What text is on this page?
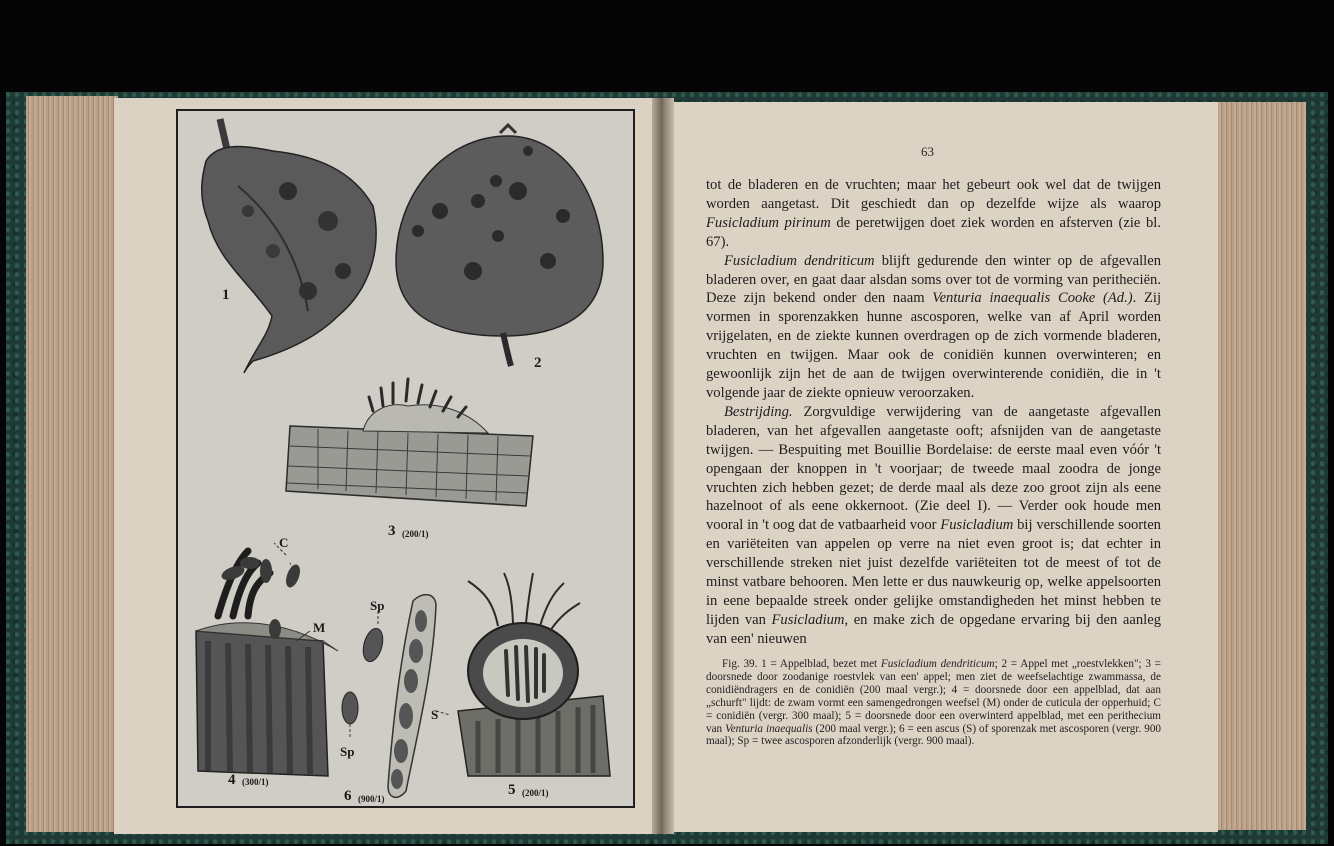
1
2
3 (200/1)
4 (300/1)	5 (200/1)
6 (900/1)
C
M
Sp
Sp
S
63

tot de bladeren en de vruchten; maar het gebeurt ook wel dat de twijgen worden aangetast. Dit geschiedt dan op dezelfde wijze als waarop Fusicladium pirinum de peretwijgen doet ziek worden en afsterven (zie bl. 67).

Fusicladium dendriticum blijft gedurende den winter op de afgevallen bladeren over, en gaat daar alsdan soms over tot de vorming van peritheciën. Deze zijn bekend onder den naam Venturia inaequalis Cooke (Ad.). Zij vormen in sporenzakken hunne ascosporen, welke van af April worden vrijgelaten, en de ziekte kunnen overdragen op de zich vormende bladeren, vruchten en twijgen. Maar ook de conidiën kunnen overwinteren; en gewoonlijk zijn het de aan de twijgen overwinterende conidiën, die in 't volgende jaar de ziekte opnieuw veroorzaken.

Bestrijding. Zorgvuldige verwijdering van de aangetaste afgevallen bladeren, van het afgevallen aangetaste ooft; afsnijden van de aangetaste twijgen. — Bespuiting met Bouillie Bordelaise: de eerste maal even vóór 't opengaan der knoppen in 't voorjaar; de tweede maal zoodra de jonge vruchten zich hebben gezet; de derde maal als deze zoo groot zijn als eene hazelnoot of als eene okkernoot. (Zie deel I). — Verder ook houde men vooral in 't oog dat de vatbaarheid voor Fusicladium bij verschillende soorten en variëteiten van appelen op verre na niet even groot is; dat echter in verschillende streken niet juist dezelfde variëteiten tot de meest of tot de minst vatbare behooren. Men lette er dus nauwkeurig op, welke appelsoorten in eene bepaalde streek onder gelijke omstandigheden het minst hebben te lijden van Fusicladium, en make zich de opgedane ervaring bij den aanleg van een' nieuwen

Fig. 39. 1 = Appelblad, bezet met Fusicladium dendriticum; 2 = Appel met „roestvlekken"; 3 = doorsnede door zoodanige roestvlek van een' appel; men ziet de weefselachtige zwammassa, de conidiëndragers en de conidiën (200 maal vergr.); 4 = doorsnede door een appelblad, dat aan „schurft" lijdt: de zwam vormt een samengedrongen weefsel (M) onder de cuticula der opperhuid; C = conidiën (vergr. 300 maal); 5 = doorsnede door een overwinterd appelblad, met een perithecium van Venturia inaequalis (200 maal vergr.); 6 = een ascus (S) of sporenzak met ascosporen (vergr. 900 maal); Sp = twee ascosporen afzonderlijk (vergr. 900 maal).
